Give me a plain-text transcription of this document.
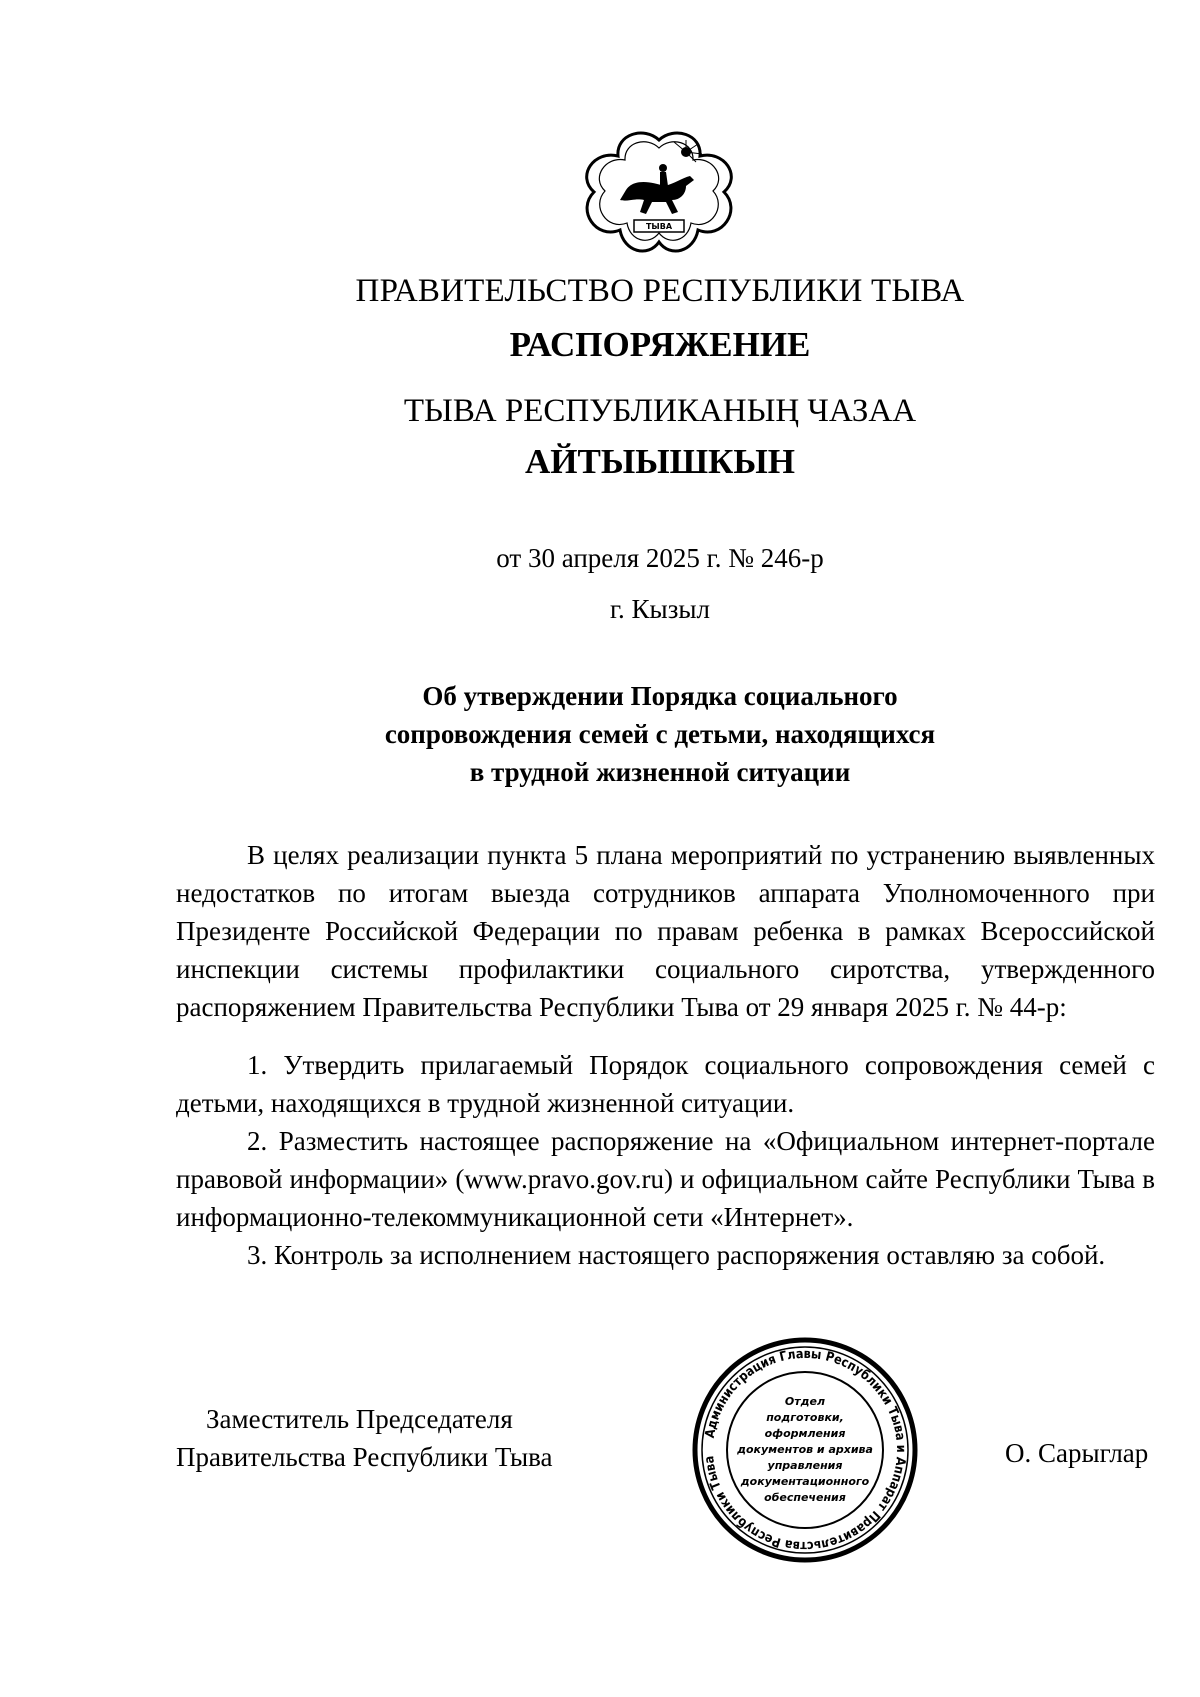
ТЫВА
ПРАВИТЕЛЬСТВО РЕСПУБЛИКИ ТЫВА
РАСПОРЯЖЕНИЕ
ТЫВА РЕСПУБЛИКАНЫҢ ЧАЗАА
АЙТЫЫШКЫН
от 30 апреля 2025 г. № 246-р
г. Кызыл
Об утверждении Порядка социального
сопровождения семей с детьми, находящихся
в трудной жизненной ситуации

В целях реализации пункта 5 плана мероприятий по устранению выявленных недостатков по итогам выезда сотрудников аппарата Уполномоченного при Президенте Российской Федерации по правам ребенка в рамках Всероссийской инспекции системы профилактики социального сиротства, утвержденного распоряжением Правительства Республики Тыва от 29 января 2025 г. № 44-р:

1. Утвердить прилагаемый Порядок социального сопровождения семей с детьми, находящихся в трудной жизненной ситуации.

2. Разместить настоящее распоряжение на «Официальном интернет-портале правовой информации» (www.pravo.gov.ru) и официальном сайте Республики Тыва в информационно-телекоммуникационной сети «Интернет».

3. Контроль за исполнением настоящего распоряжения оставляю за собой.

Заместитель Председателя
Правительства Республики Тыва	О. Сарыглар
Администрация Главы Республики Тыва и Аппарат Правительства Республики Тыва
Отдел
подготовки,
оформления
документов и архива
управления
документационного
обеспечения
